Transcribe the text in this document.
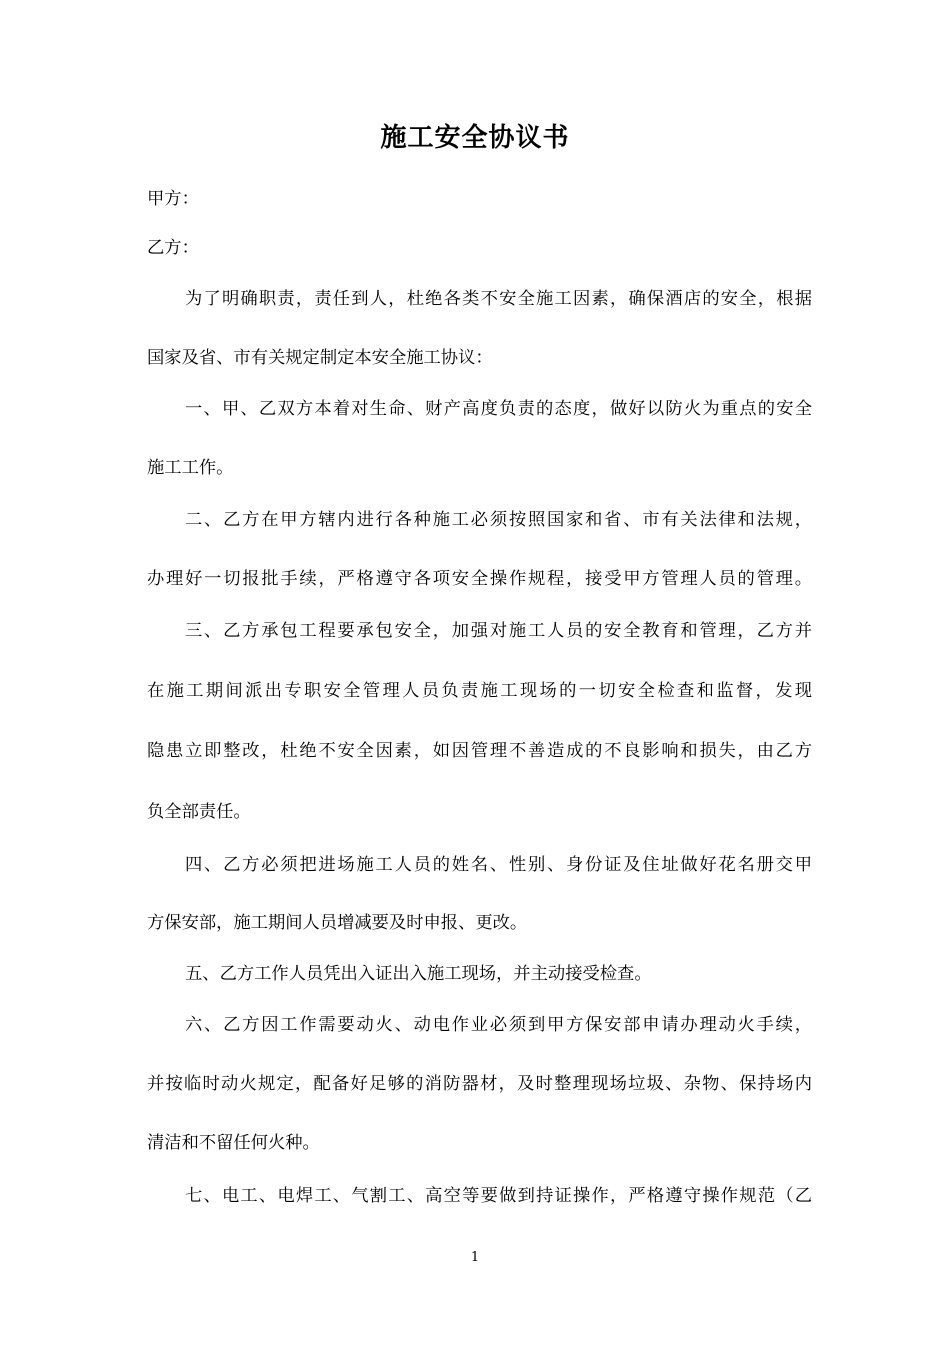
施工安全协议书
甲方：
乙方：
为了明确职责，责任到人，杜绝各类不安全施工因素，确保酒店的安全，根据
国家及省、市有关规定制定本安全施工协议：
一、甲、乙双方本着对生命、财产高度负责的态度，做好以防火为重点的安全
施工工作。
二、乙方在甲方辖内进行各种施工必须按照国家和省、市有关法律和法规，
办理好一切报批手续，严格遵守各项安全操作规程，接受甲方管理人员的管理。
三、乙方承包工程要承包安全，加强对施工人员的安全教育和管理，乙方并
在施工期间派出专职安全管理人员负责施工现场的一切安全检查和监督，发现
隐患立即整改，杜绝不安全因素，如因管理不善造成的不良影响和损失，由乙方
负全部责任。
四、乙方必须把进场施工人员的姓名、性别、身份证及住址做好花名册交甲
方保安部，施工期间人员增减要及时申报、更改。
五、乙方工作人员凭出入证出入施工现场，并主动接受检查。
六、乙方因工作需要动火、动电作业必须到甲方保安部申请办理动火手续，
并按临时动火规定，配备好足够的消防器材，及时整理现场垃圾、杂物、保持场内
清洁和不留任何火种。
七、电工、电焊工、气割工、高空等要做到持证操作，严格遵守操作规范（乙
1
